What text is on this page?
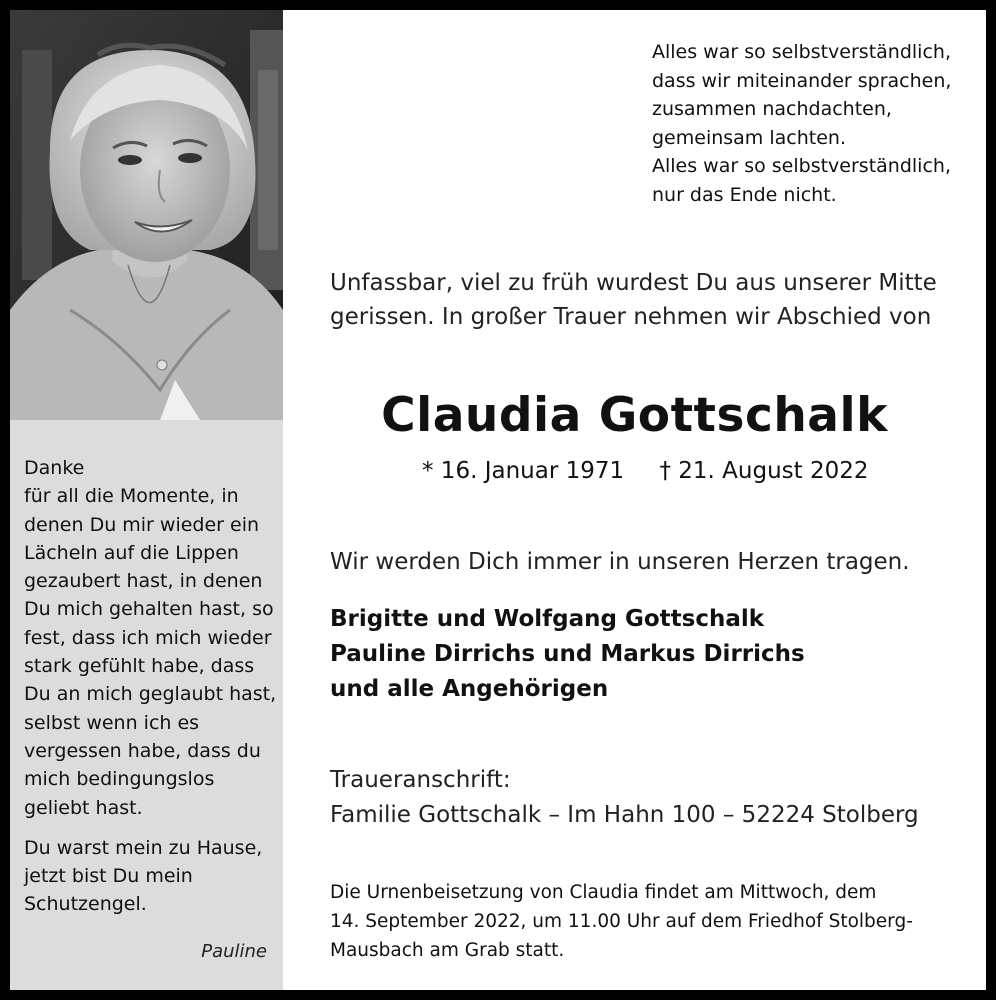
Danke
für all die Momente, in
denen Du mir wieder ein
Lächeln auf die Lippen
gezaubert hast, in denen
Du mich gehalten hast, so
fest, dass ich mich wieder
stark gefühlt habe, dass
Du an mich geglaubt hast,
selbst wenn ich es
vergessen habe, dass du
mich bedingungslos
geliebt hast.
Du warst mein zu Hause,
jetzt bist Du mein
Schutzengel.
Pauline

Alles war so selbstverständlich,

dass wir miteinander sprachen,

zusammen nachdachten,

gemeinsam lachten.

Alles war so selbstverständlich,

nur das Ende nicht.

Unfassbar, viel zu früh wurdest Du aus unserer Mitte

gerissen. In großer Trauer nehmen wir Abschied von

Claudia Gottschalk
* 16. Januar 1971 † 21. August 2022
Wir werden Dich immer in unseren Herzen tragen.

Brigitte und Wolfgang Gottschalk

Pauline Dirrichs und Markus Dirrichs

und alle Angehörigen

Traueranschrift:

Familie Gottschalk – Im Hahn 100 – 52224 Stolberg

Die Urnenbeisetzung von Claudia findet am Mittwoch, dem
14. September 2022, um 11.00 Uhr auf dem Friedhof Stolberg-
Mausbach am Grab statt.
